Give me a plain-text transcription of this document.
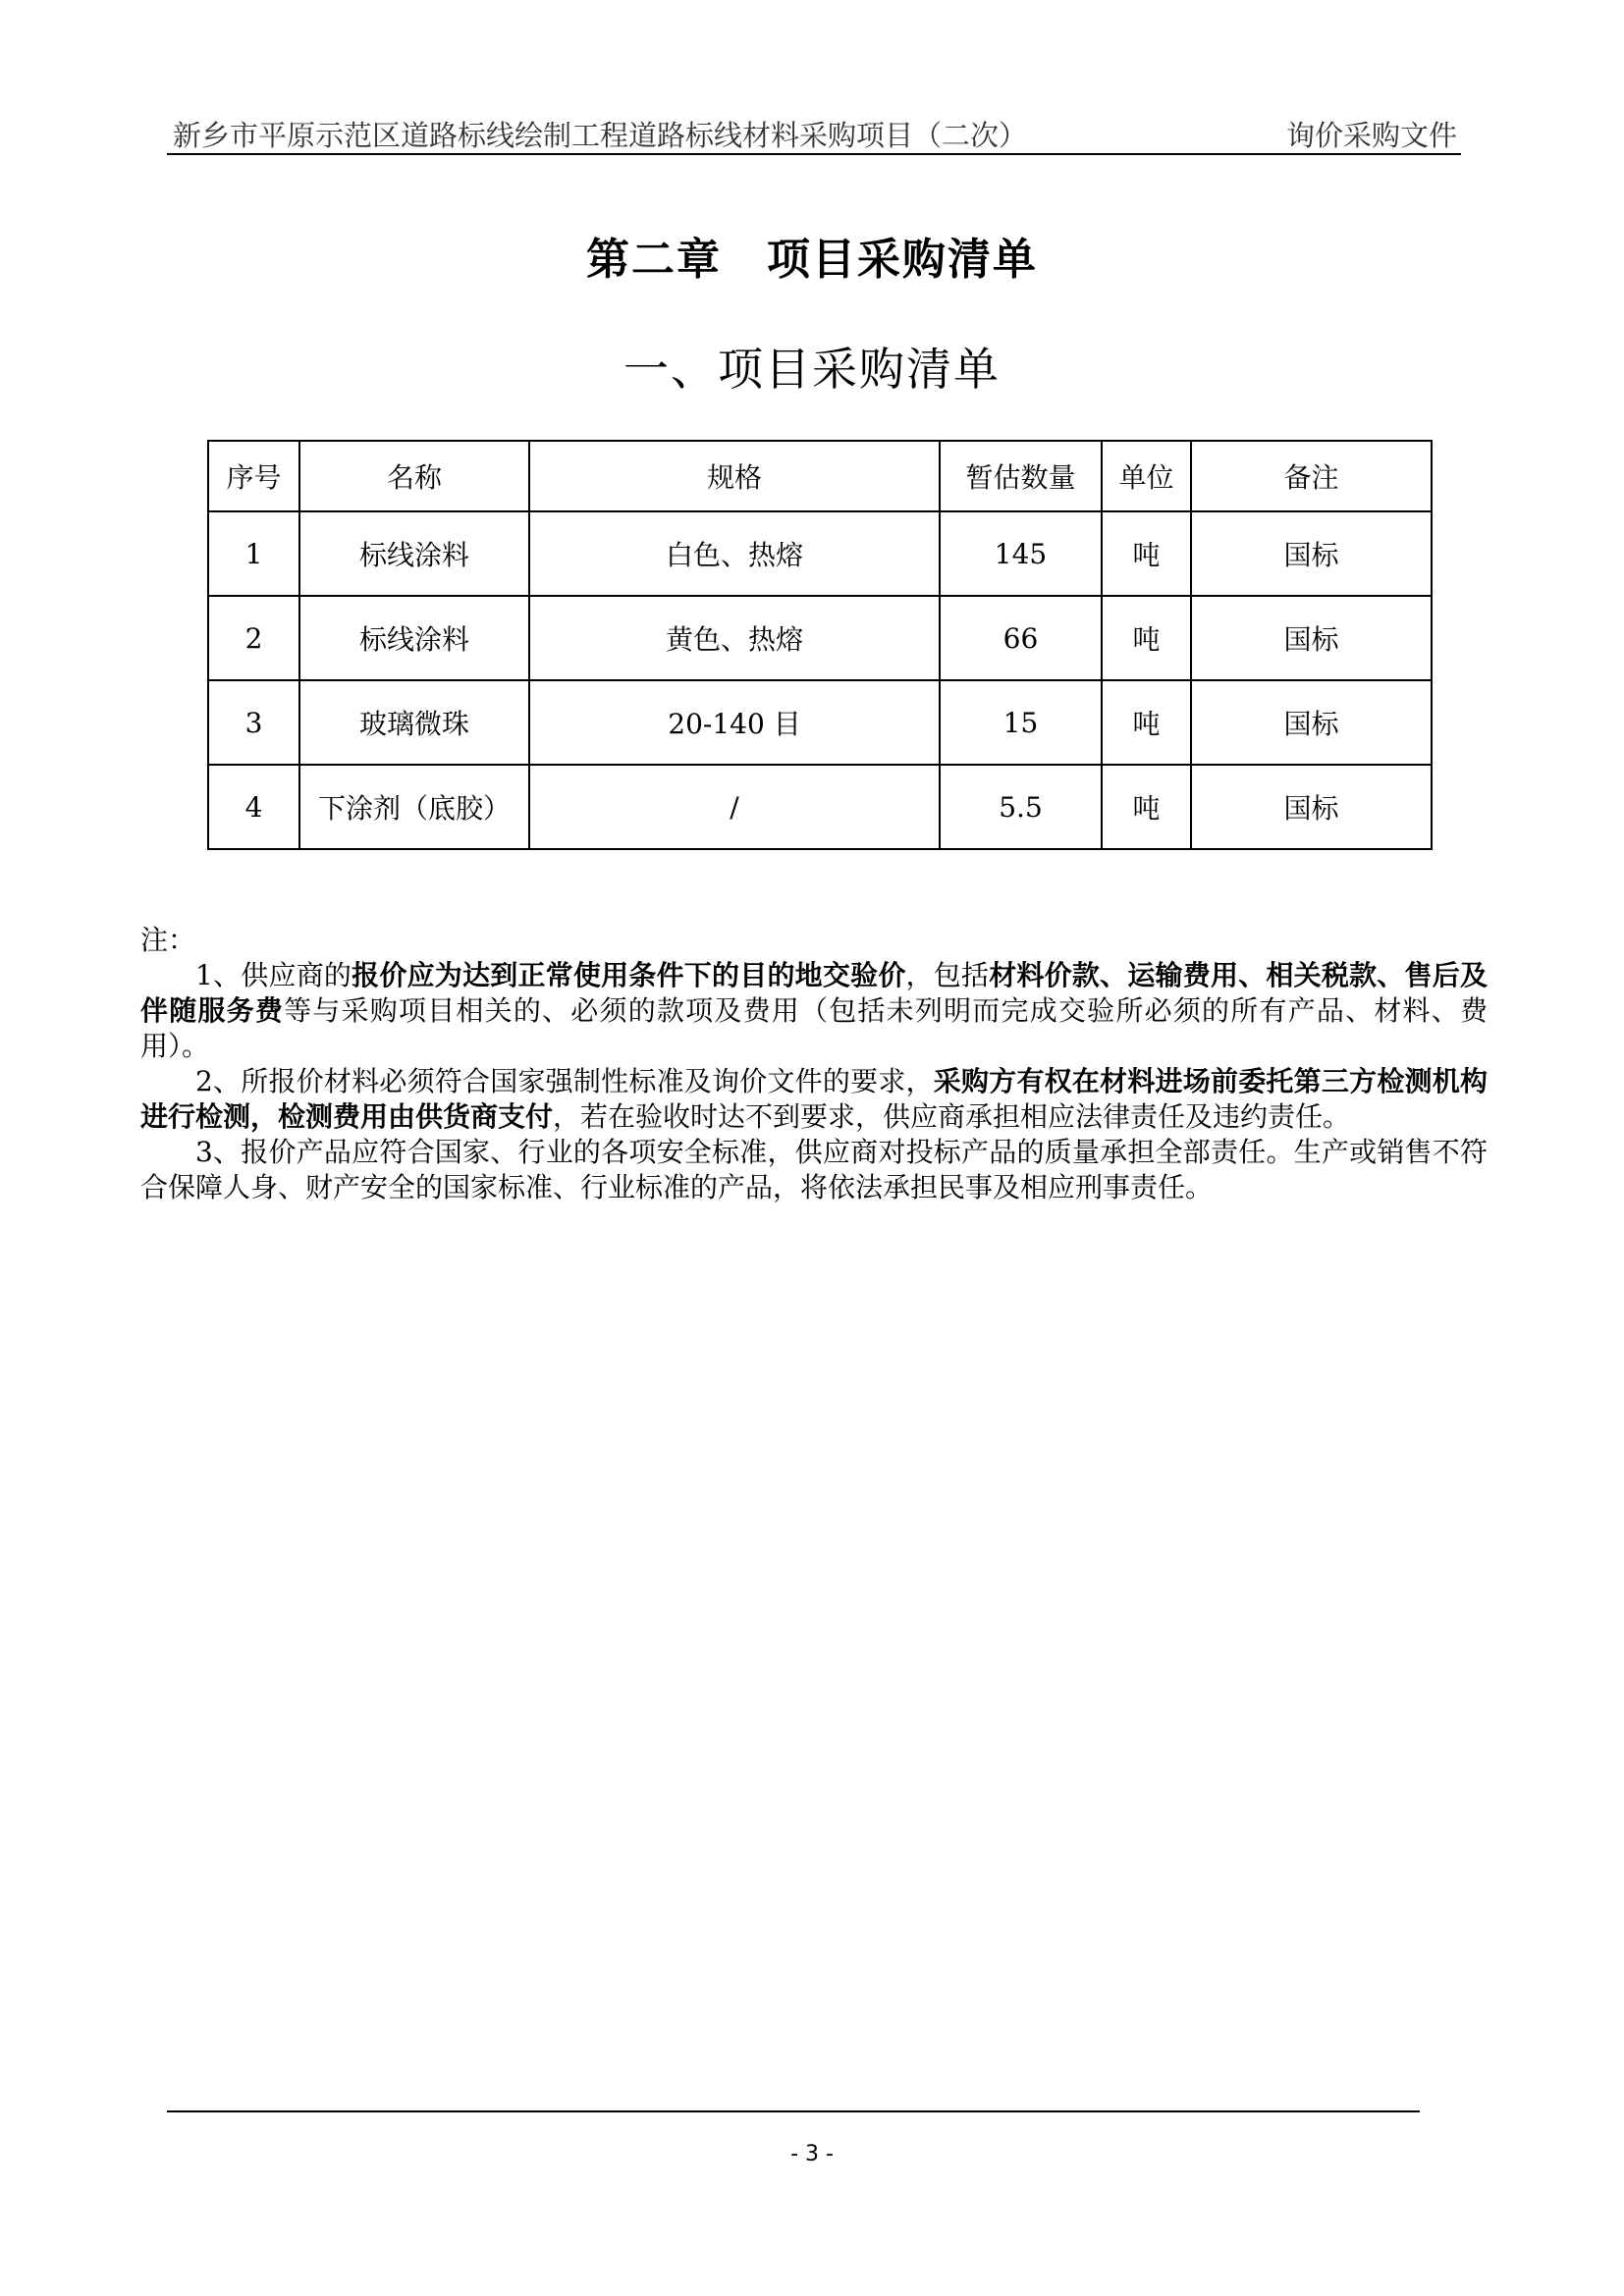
新乡市平原示范区道路标线绘制工程道路标线材料采购项目（二次）	询价采购文件
第二章　项目采购清单
一、项目采购清单
序号	名称	规格	暂估数量	单位	备注
1	标线涂料	白色、热熔	145	吨	国标
2	标线涂料	黄色、热熔	66	吨	国标
3	玻璃微珠	20-140 目	15	吨	国标
4	下涂剂（底胶）	/	5.5	吨	国标

注：

1、供应商的报价应为达到正常使用条件下的目的地交验价，包括材料价款、运输费用、相关税款、售后及伴随服务费等与采购项目相关的、必须的款项及费用（包括未列明而完成交验所必须的所有产品、材料、费用）。

2、所报价材料必须符合国家强制性标准及询价文件的要求，采购方有权在材料进场前委托第三方检测机构进行检测，检测费用由供货商支付，若在验收时达不到要求，供应商承担相应法律责任及违约责任。

3、报价产品应符合国家、行业的各项安全标准，供应商对投标产品的质量承担全部责任。生产或销售不符合保障人身、财产安全的国家标准、行业标准的产品，将依法承担民事及相应刑事责任。

- 3 -
